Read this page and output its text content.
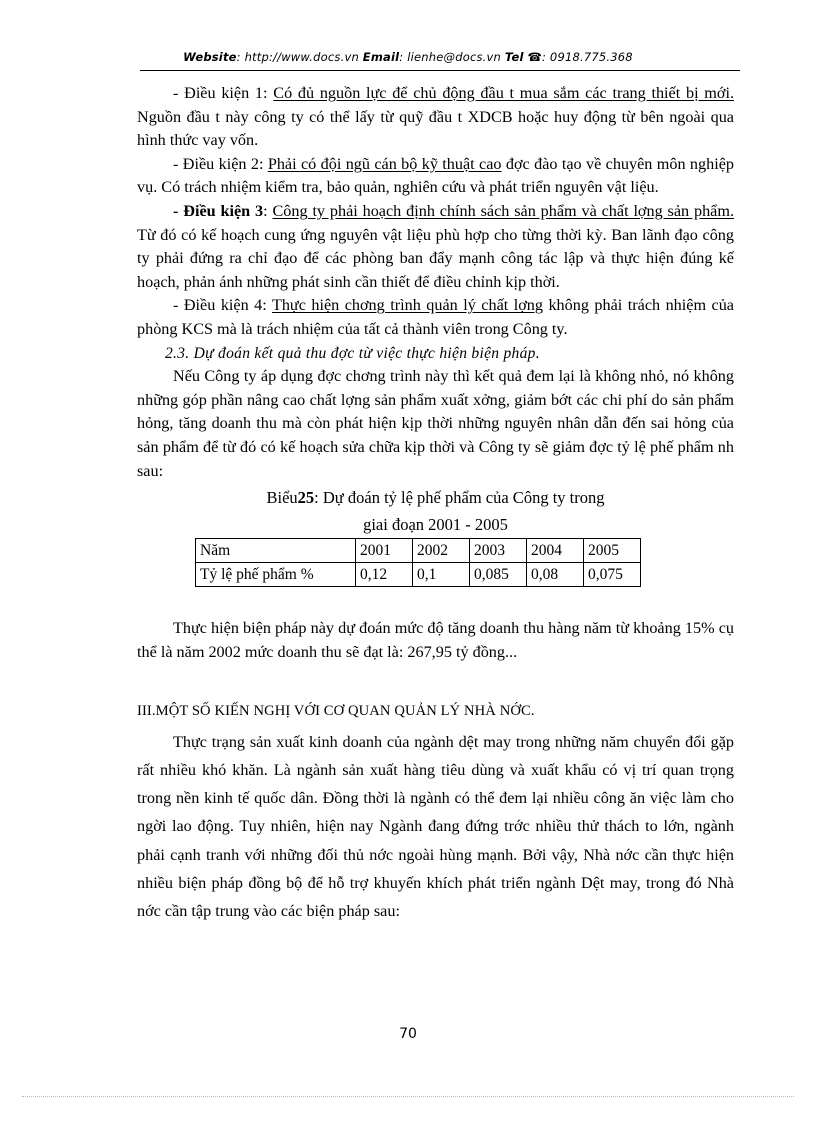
Website: http://www.docs.vn Email: lienhe@docs.vn Tel ☎: 0918.775.368

- Điều kiện 1: Có đủ nguồn lực để chủ động đầu t mua sắm các trang thiết bị mới. Nguồn đầu t này công ty có thể lấy từ quỹ đầu t XDCB hoặc huy động từ bên ngoài qua hình thức vay vốn.

- Điều kiện 2: Phải có đội ngũ cán bộ kỹ thuật cao đợc đào tạo về chuyên môn nghiệp vụ. Có trách nhiệm kiểm tra, bảo quản, nghiên cứu và phát triển nguyên vật liệu.

- Điều kiện 3: Công ty phải hoạch định chính sách sản phẩm và chất lợng sản phẩm. Từ đó có kế hoạch cung ứng nguyên vật liệu phù hợp cho từng thời kỳ. Ban lãnh đạo công ty phải đứng ra chỉ đạo để các phòng ban đẩy mạnh công tác lập và thực hiện đúng kế hoạch, phản ánh những phát sinh cần thiết để điều chỉnh kịp thời.

- Điều kiện 4: Thực hiện chơng trình quản lý chất lợng không phải trách nhiệm của phòng KCS mà là trách nhiệm của tất cả thành viên trong Công ty.

2.3. Dự đoán kết quả thu đợc từ việc thực hiện biện pháp.

Nếu Công ty áp dụng đợc chơng trình này thì kết quả đem lại là không nhỏ, nó không những góp phần nâng cao chất lợng sản phẩm xuất xởng, giảm bớt các chi phí do sản phẩm hỏng, tăng doanh thu mà còn phát hiện kịp thời những nguyên nhân dẫn đến sai hỏng của sản phẩm để từ đó có kế hoạch sửa chữa kịp thời và Công ty sẽ giảm đợc tỷ lệ phế phẩm nh sau:

Biểu25: Dự đoán tỷ lệ phế phẩm của Công ty trong
giai đoạn 2001 - 2005

Năm	2001	2002	2003	2004	2005
Tỷ lệ phế phẩm %	0,12	0,1	0,085	0,08	0,075

Thực hiện biện pháp này dự đoán mức độ tăng doanh thu hàng năm từ khoảng 15% cụ thể là năm 2002 mức doanh thu sẽ đạt là: 267,95 tỷ đồng...

III.MỘT SỐ KIẾN NGHỊ VỚI CƠ QUAN QUẢN LÝ NHÀ NỚC.

Thực trạng sản xuất kinh doanh của ngành dệt may trong những năm chuyển đổi gặp rất nhiều khó khăn. Là ngành sản xuất hàng tiêu dùng và xuất khẩu có vị trí quan trọng trong nền kinh tế quốc dân. Đồng thời là ngành có thể đem lại nhiều công ăn việc làm cho ngời lao động. Tuy nhiên, hiện nay Ngành đang đứng trớc nhiều thử thách to lớn, ngành phải cạnh tranh với những đối thủ nớc ngoài hùng mạnh. Bởi vậy, Nhà nớc cần thực hiện nhiều biện pháp đồng bộ để hỗ trợ khuyến khích phát triển ngành Dệt may, trong đó Nhà nớc cần tập trung vào các biện pháp sau:

70
